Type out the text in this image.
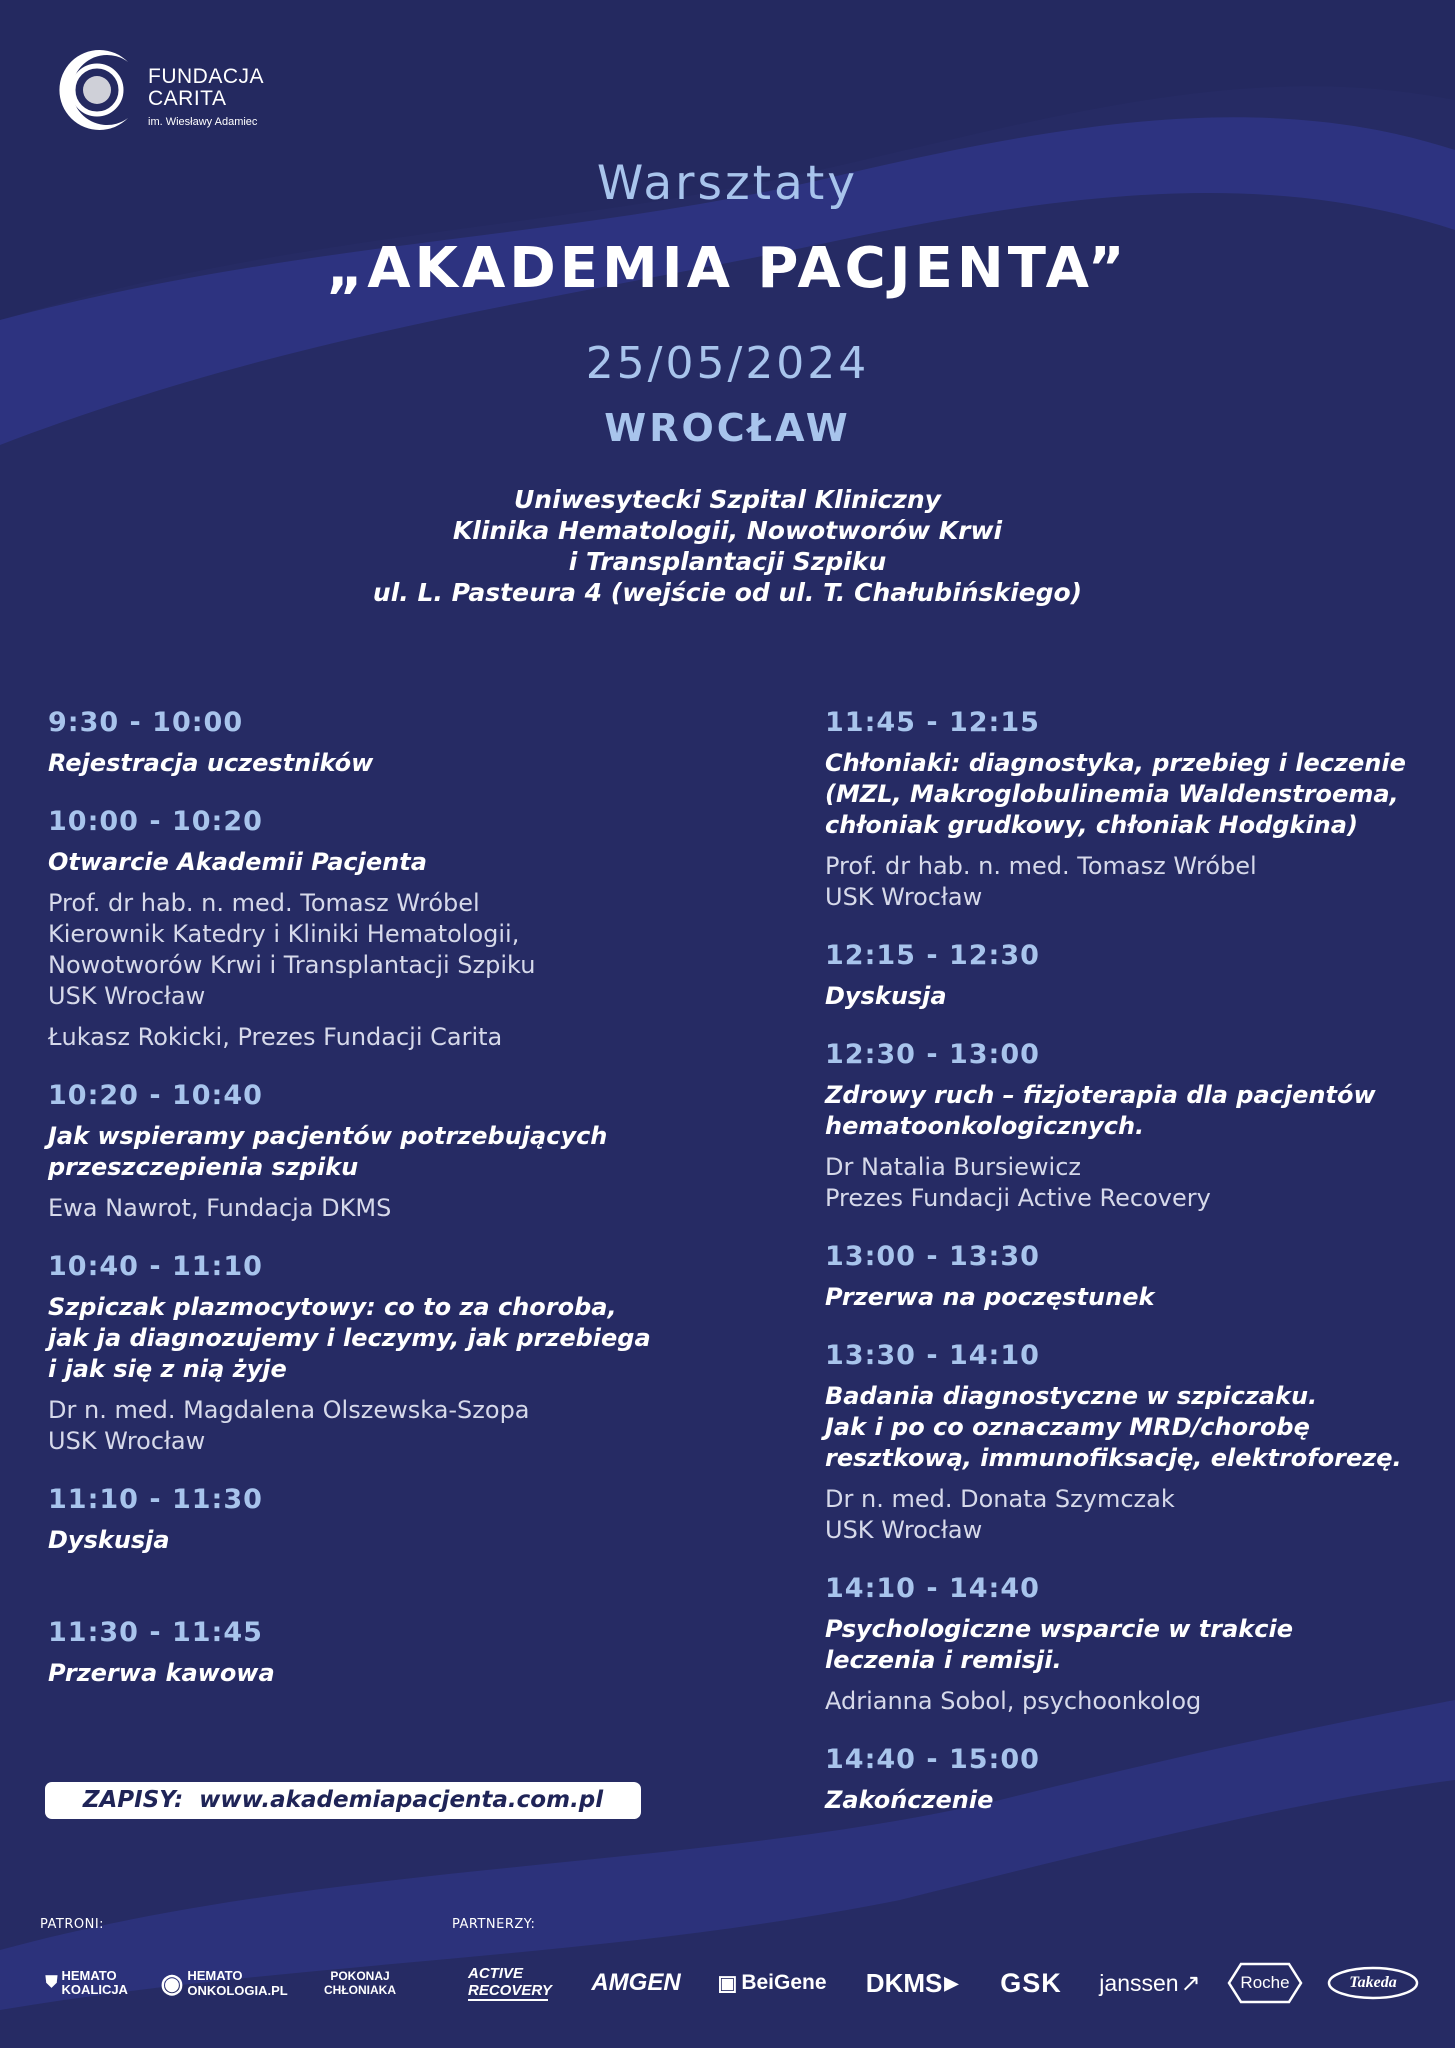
FUNDACJA
CARITA
im. Wiesławy Adamiec
Warsztaty
„AKADEMIA PACJENTA”
25/05/2024
WROCŁAW
Uniwesytecki Szpital Kliniczny
Klinika Hematologii, Nowotworów Krwi
i Transplantacji Szpiku
ul. L. Pasteura 4 (wejście od ul. T. Chałubińskiego)
9:30 - 10:00
Rejestracja uczestników
10:00 - 10:20
Otwarcie Akademii Pacjenta
Prof. dr hab. n. med. Tomasz Wróbel
Kierownik Katedry i Kliniki Hematologii,
Nowotworów Krwi i Transplantacji Szpiku
USK Wrocław
Łukasz Rokicki, Prezes Fundacji Carita
10:20 - 10:40
Jak wspieramy pacjentów potrzebujących
przeszczepienia szpiku
Ewa Nawrot, Fundacja DKMS
10:40 - 11:10
Szpiczak plazmocytowy: co to za choroba,
jak ja diagnozujemy i leczymy, jak przebiega
i jak się z nią żyje
Dr n. med. Magdalena Olszewska-Szopa
USK Wrocław
11:10 - 11:30
Dyskusja
11:30 - 11:45
Przerwa kawowa
11:45 - 12:15
Chłoniaki: diagnostyka, przebieg i leczenie
(MZL, Makroglobulinemia Waldenstroema,
chłoniak grudkowy, chłoniak Hodgkina)
Prof. dr hab. n. med. Tomasz Wróbel
USK Wrocław
12:15 - 12:30
Dyskusja
12:30 - 13:00
Zdrowy ruch – fizjoterapia dla pacjentów
hematoonkologicznych.
Dr Natalia Bursiewicz
Prezes Fundacji Active Recovery
13:00 - 13:30
Przerwa na poczęstunek
13:30 - 14:10
Badania diagnostyczne w szpiczaku.
Jak i po co oznaczamy MRD/chorobę
resztkową, immunofiksację, elektroforezę.
Dr n. med. Donata Szymczak
USK Wrocław
14:10 - 14:40
Psychologiczne wsparcie w trakcie
leczenia i remisji.
Adrianna Sobol, psychoonkolog
14:40 - 15:00
Zakończenie
ZAPISY: www.akademiapacjenta.com.pl
PATRONI:	PARTNERZY:
⛊ HEMATO KOALICJA ◉ HEMATO ONKOLOGIA.PL
POKONAJ CHŁONIAKA
ACTIVE RECOVERY AMGEN ▣ BeiGene DKMS ▶	GSK	janssen ↗ Roche	Takeda
